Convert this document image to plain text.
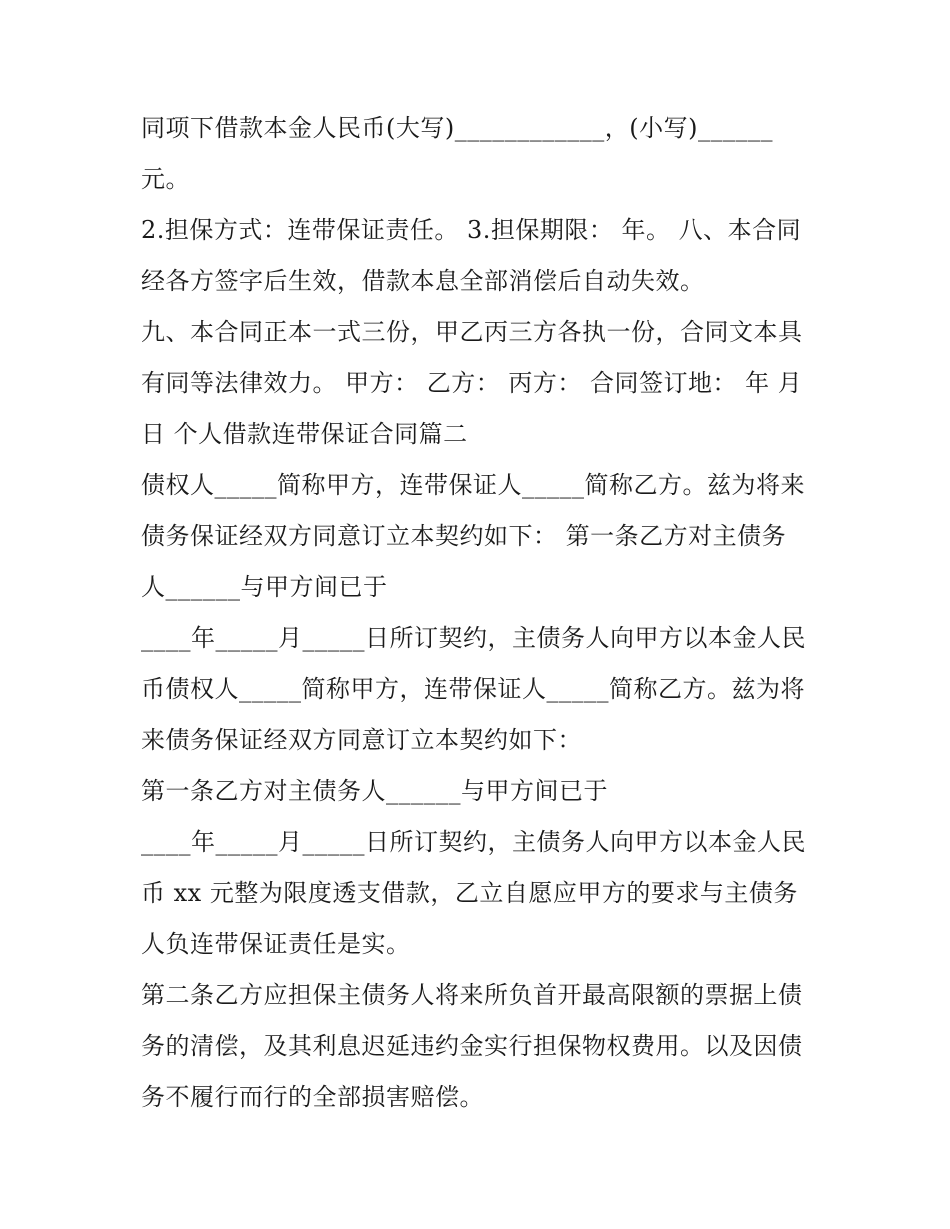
同项下借款本金人民币(大写)____________，(小写)______
元。
2.担保方式：连带保证责任。 3.担保期限： 年。 八、本合同
经各方签字后生效，借款本息全部消偿后自动失效。
九、本合同正本一式三份，甲乙丙三方各执一份，合同文本具
有同等法律效力。 甲方： 乙方： 丙方： 合同签订地： 年 月
日 个人借款连带保证合同篇二
债权人_____简称甲方，连带保证人_____简称乙方。兹为将来
债务保证经双方同意订立本契约如下： 第一条乙方对主债务
人______与甲方间已于
____年_____月_____日所订契约，主债务人向甲方以本金人民
币债权人_____简称甲方，连带保证人_____简称乙方。兹为将
来债务保证经双方同意订立本契约如下：
第一条乙方对主债务人______与甲方间已于
____年_____月_____日所订契约，主债务人向甲方以本金人民
币 xx 元整为限度透支借款，乙立自愿应甲方的要求与主债务
人负连带保证责任是实。
第二条乙方应担保主债务人将来所负首开最高限额的票据上债
务的清偿，及其利息迟延违约金实行担保物权费用。以及因债
务不履行而行的全部损害赔偿。
